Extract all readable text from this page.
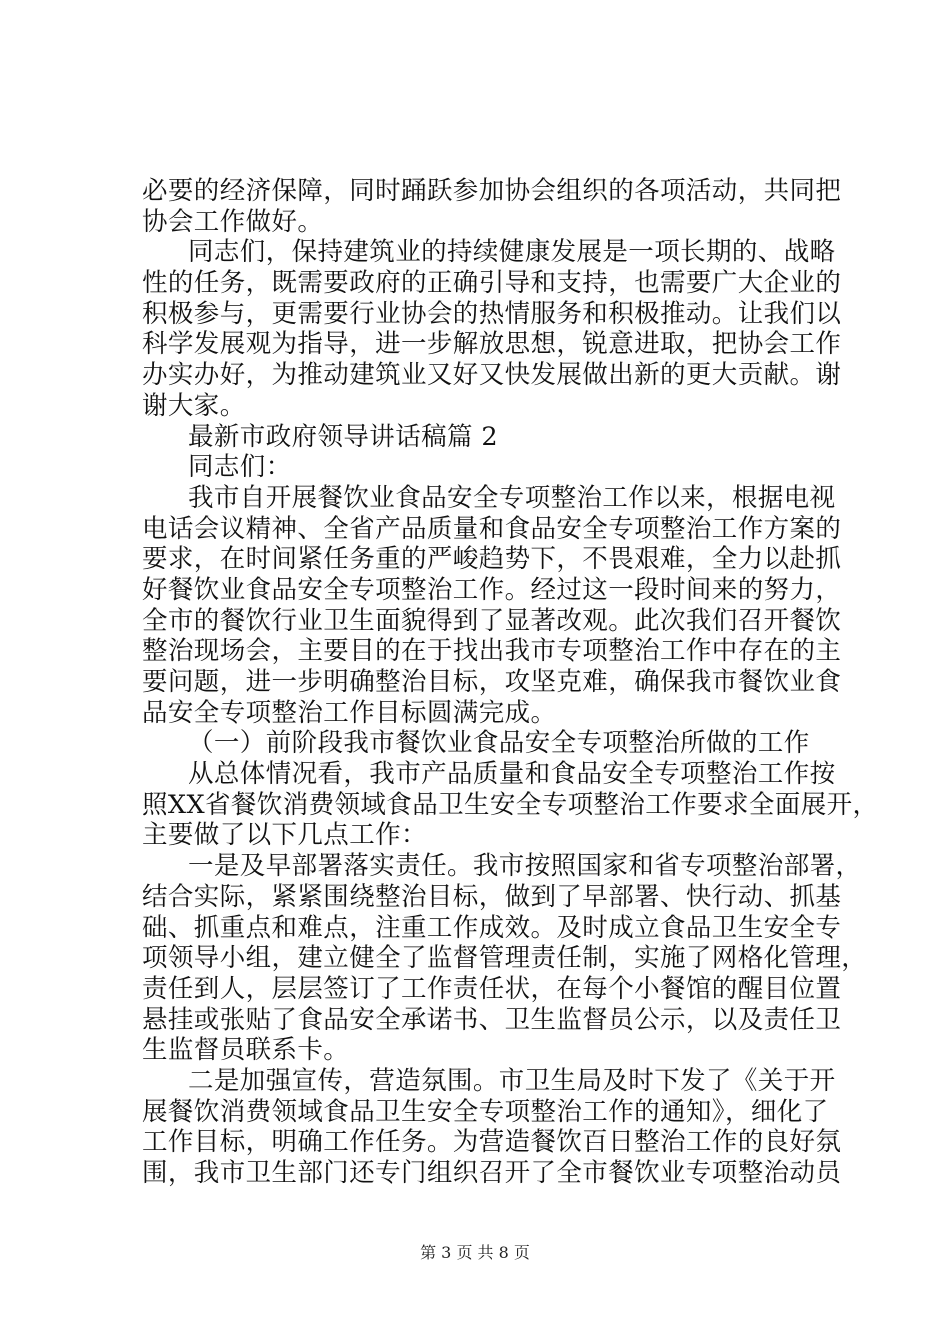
必要的经济保障，同时踊跃参加协会组织的各项活动，共同把
协会工作做好。
同志们，保持建筑业的持续健康发展是一项长期的、战略
性的任务，既需要政府的正确引导和支持，也需要广大企业的
积极参与，更需要行业协会的热情服务和积极推动。让我们以
科学发展观为指导，进一步解放思想，锐意进取，把协会工作
办实办好，为推动建筑业又好又快发展做出新的更大贡献。谢
谢大家。
最新市政府领导讲话稿篇 2
同志们：
我市自开展餐饮业食品安全专项整治工作以来，根据电视
电话会议精神、全省产品质量和食品安全专项整治工作方案的
要求，在时间紧任务重的严峻趋势下，不畏艰难，全力以赴抓
好餐饮业食品安全专项整治工作。经过这一段时间来的努力，
全市的餐饮行业卫生面貌得到了显著改观。此次我们召开餐饮
整治现场会，主要目的在于找出我市专项整治工作中存在的主
要问题，进一步明确整治目标，攻坚克难，确保我市餐饮业食
品安全专项整治工作目标圆满完成。
（一）前阶段我市餐饮业食品安全专项整治所做的工作
从总体情况看，我市产品质量和食品安全专项整治工作按
照XX省餐饮消费领域食品卫生安全专项整治工作要求全面展开，
主要做了以下几点工作：
一是及早部署落实责任。我市按照国家和省专项整治部署，
结合实际，紧紧围绕整治目标，做到了早部署、快行动、抓基
础、抓重点和难点，注重工作成效。及时成立食品卫生安全专
项领导小组，建立健全了监督管理责任制，实施了网格化管理，
责任到人，层层签订了工作责任状，在每个小餐馆的醒目位置
悬挂或张贴了食品安全承诺书、卫生监督员公示，以及责任卫
生监督员联系卡。
二是加强宣传，营造氛围。市卫生局及时下发了《关于开
展餐饮消费领域食品卫生安全专项整治工作的通知》，细化了
工作目标，明确工作任务。为营造餐饮百日整治工作的良好氛
围，我市卫生部门还专门组织召开了全市餐饮业专项整治动员
第 3 页 共 8 页
